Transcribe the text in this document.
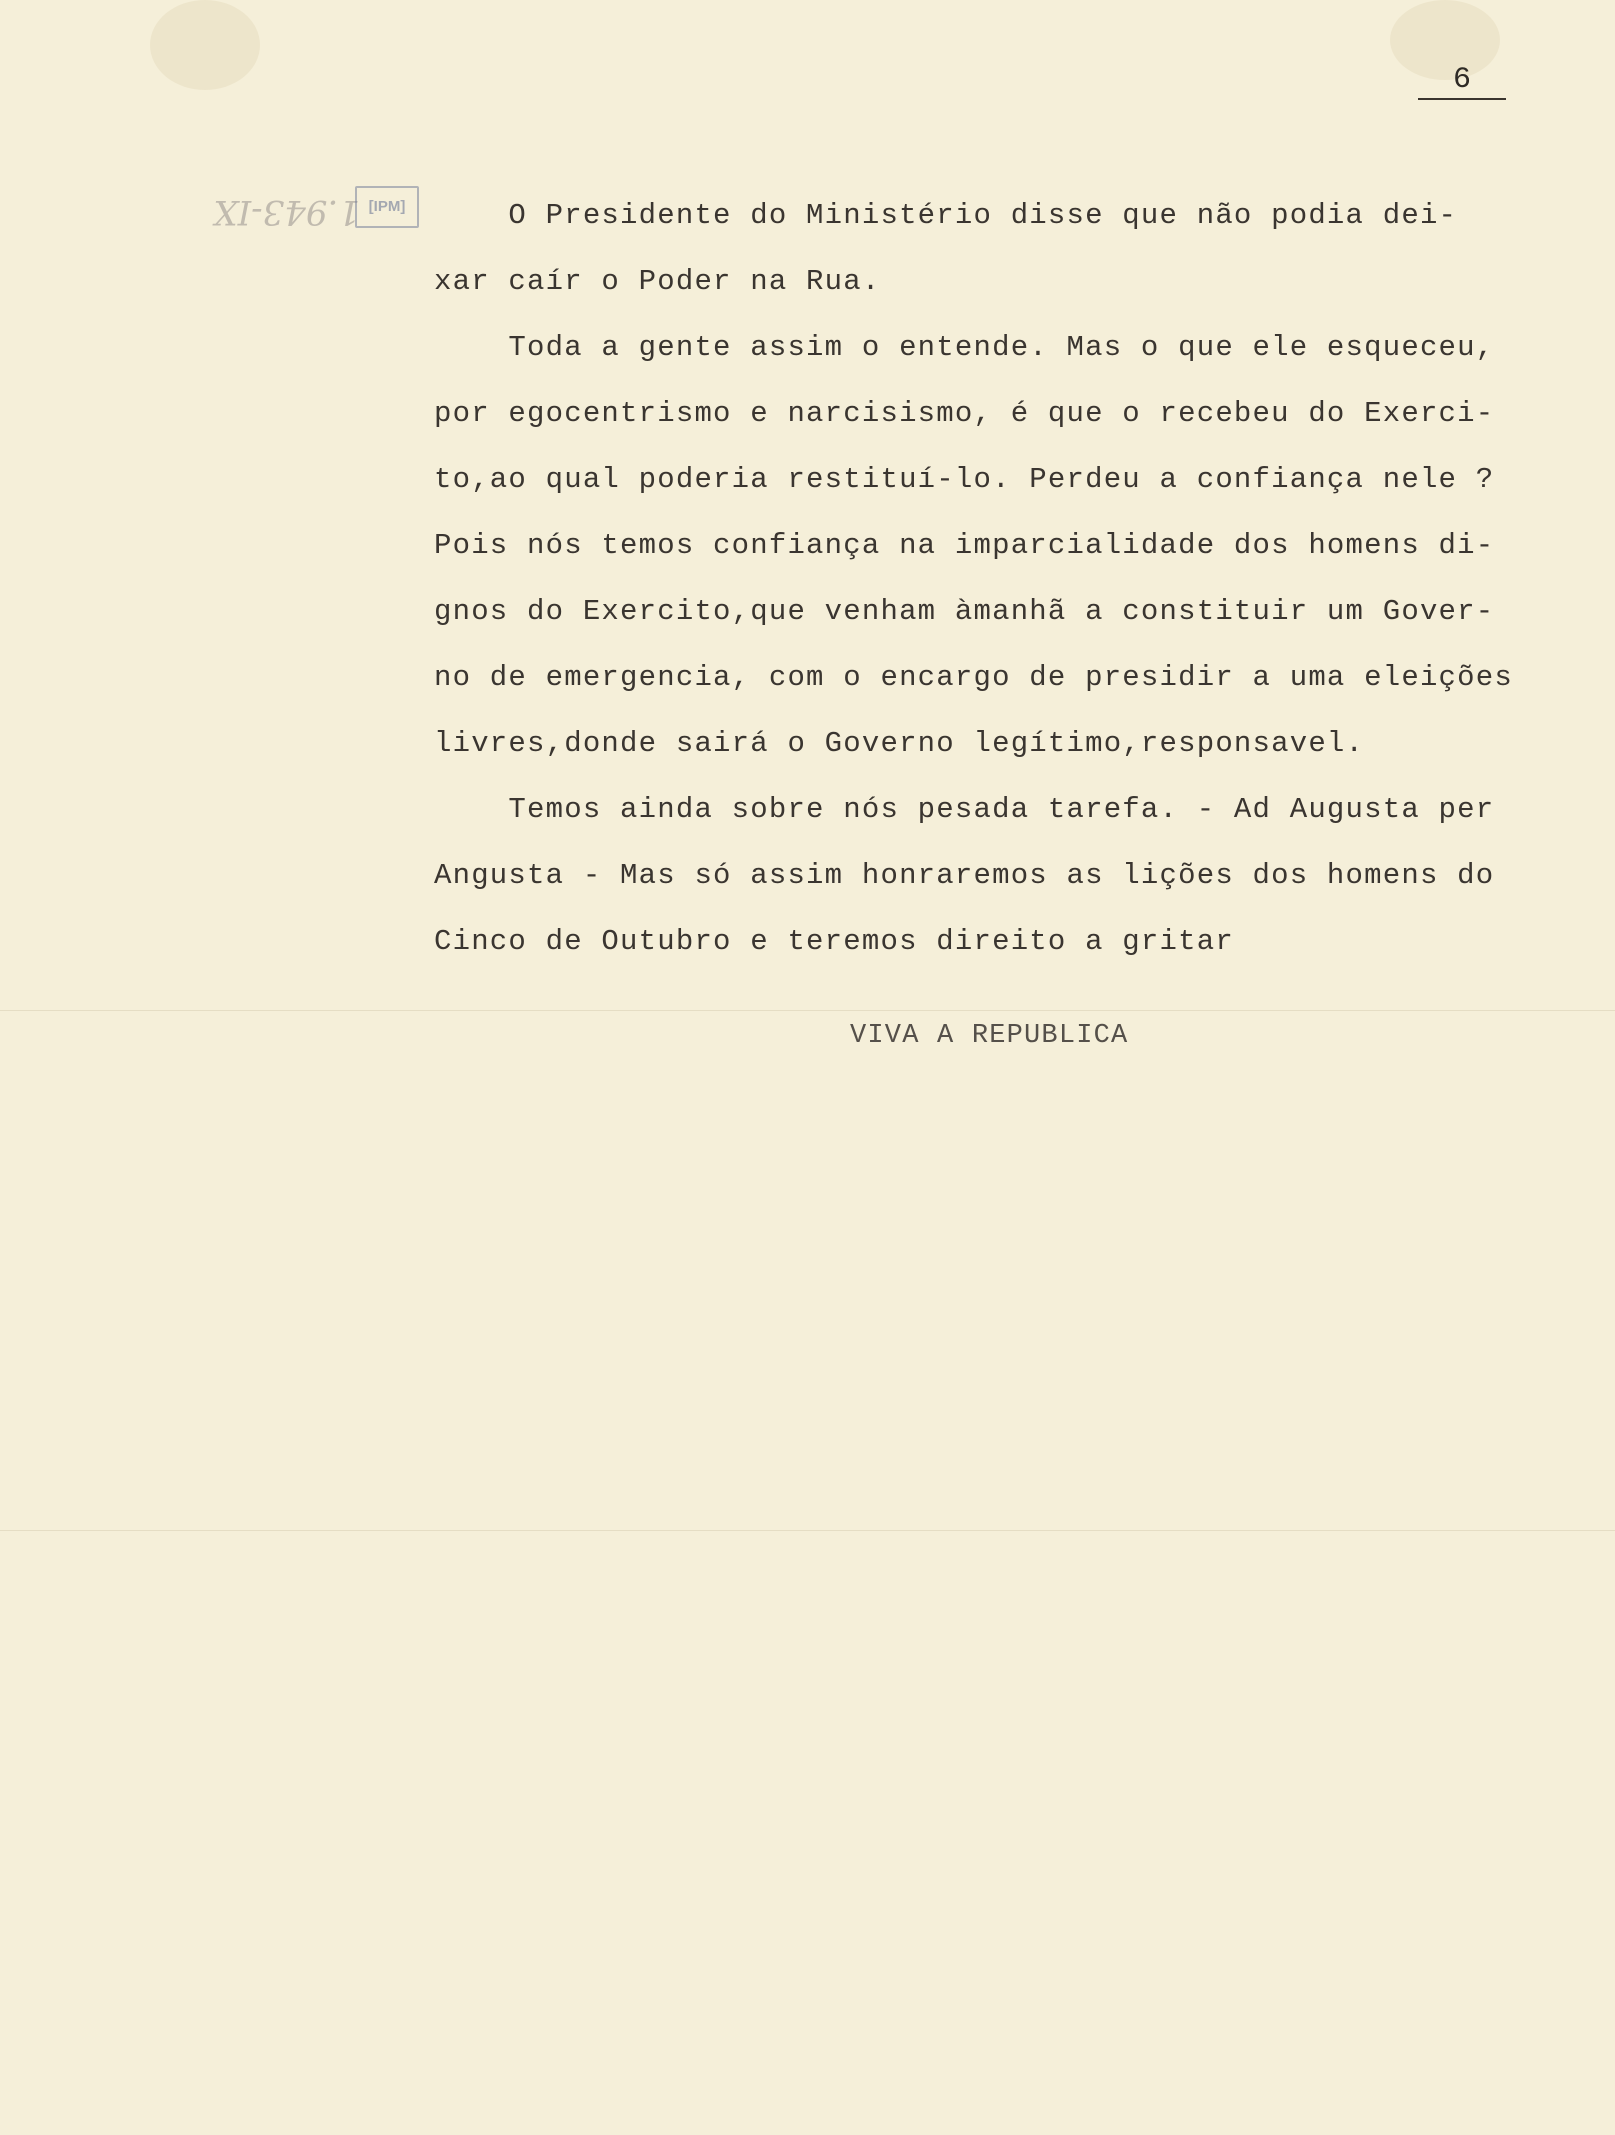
6
1.943-IX [IPM] O Presidente do Ministério disse que não podia dei-
xar caír o Poder na Rua.
Toda a gente assim o entende. Mas o que ele esqueceu,
por egocentrismo e narcisismo, é que o recebeu do Exerci-
to,ao qual poderia restituí-lo. Perdeu a confiança nele ?
Pois nós temos confiança na imparcialidade dos homens di-
gnos do Exercito,que venham àmanhã a constituir um Gover-
no de emergencia, com o encargo de presidir a uma eleições
livres,donde sairá o Governo legítimo,responsavel.
Temos ainda sobre nós pesada tarefa. - Ad Augusta per
Angusta - Mas só assim honraremos as lições dos homens do
Cinco de Outubro e teremos direito a gritar
VIVA A REPUBLICA
